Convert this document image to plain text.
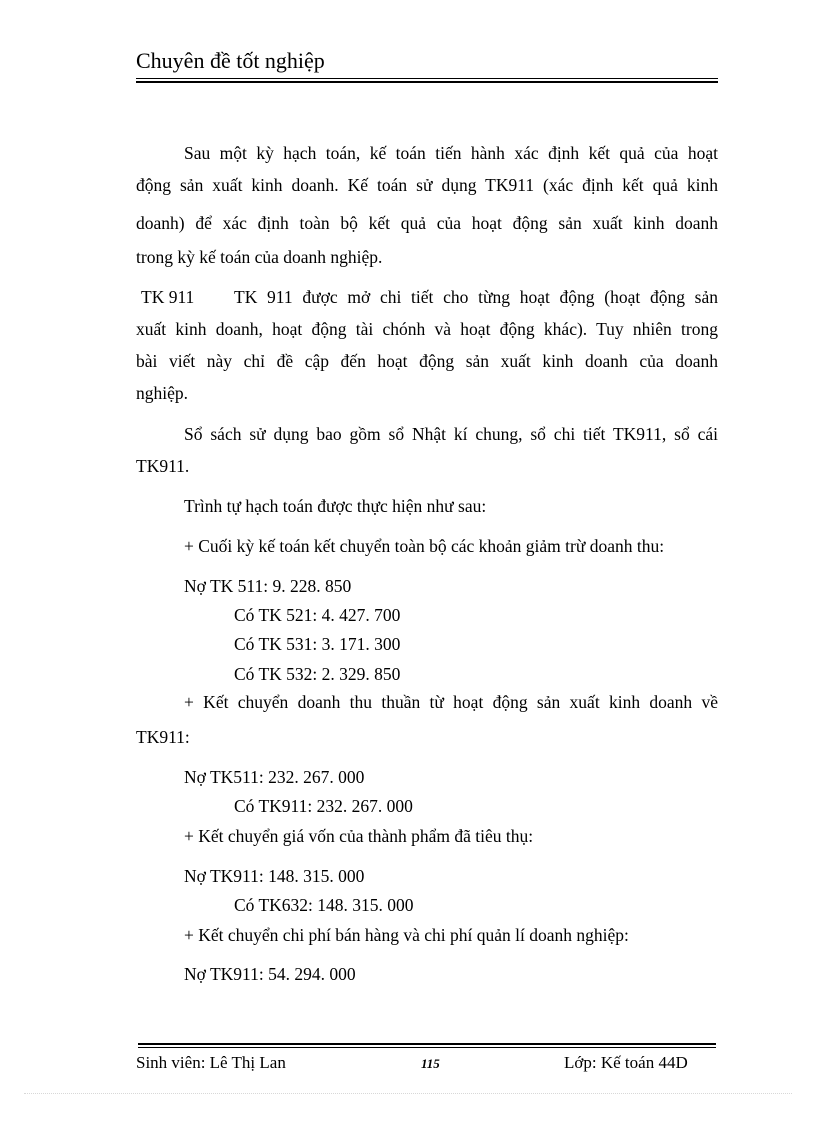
Chuyên đề tốt nghiệp
Sau một kỳ hạch toán, kế toán tiến hành xác định kết quả của hoạt
động sản xuất kinh doanh. Kế toán sử dụng TK911 (xác định kết quả kinh
doanh) để xác định toàn bộ kết quả của hoạt động sản xuất kinh doanh
trong kỳ kế toán của doanh nghiệp.
TK 911 TK 911 được mở chi tiết cho từng hoạt động (hoạt động sản
xuất kinh doanh, hoạt động tài chónh và hoạt động khác). Tuy nhiên trong
bài viết này chỉ đề cập đến hoạt động sản xuất kinh doanh của doanh
nghiệp.
Sổ sách sử dụng bao gồm sổ Nhật kí chung, sổ chi tiết TK911, sổ cái
TK911.
Trình tự hạch toán được thực hiện như sau:
+ Cuối kỳ kế toán kết chuyển toàn bộ các khoản giảm trừ doanh thu:
Nợ TK 511: 9. 228. 850
Có TK 521: 4. 427. 700
Có TK 531: 3. 171. 300
Có TK 532: 2. 329. 850
+ Kết chuyển doanh thu thuần từ hoạt động sản xuất kinh doanh về
TK911:
Nợ TK511: 232. 267. 000
Có TK911: 232. 267. 000
+ Kết chuyển giá vốn của thành phẩm đã tiêu thụ:
Nợ TK911: 148. 315. 000
Có TK632: 148. 315. 000
+ Kết chuyển chi phí bán hàng và chi phí quản lí doanh nghiệp:
Nợ TK911: 54. 294. 000
Sinh viên: Lê Thị Lan	115	Lớp: Kế toán 44D
